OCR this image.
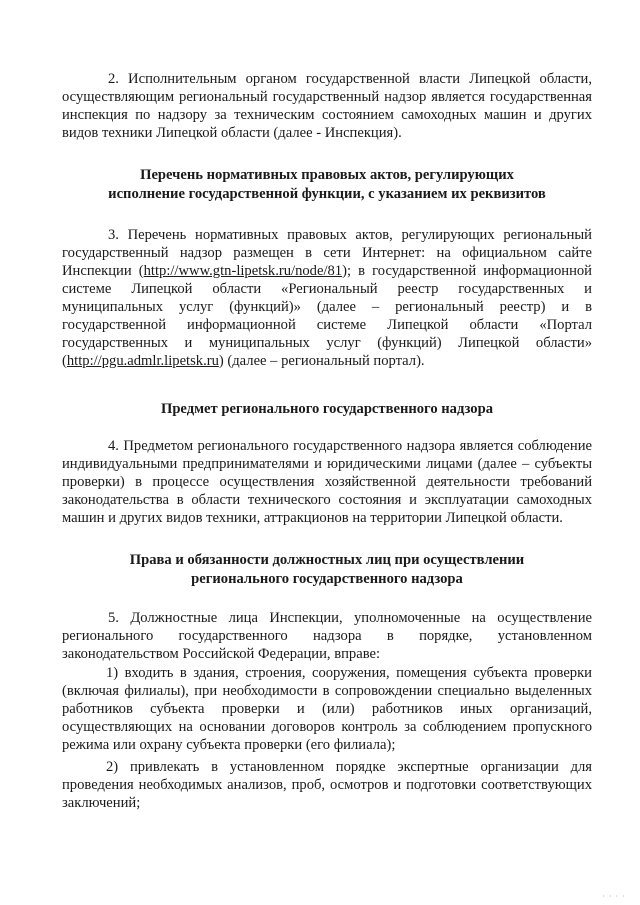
2. Исполнительным органом государственной власти Липецкой области, осуществляющим региональный государственный надзор является государственная инспекция по надзору за техническим состоянием самоходных машин и других видов техники Липецкой области (далее - Инспекция).

Перечень нормативных правовых актов, регулирующих исполнение государственной функции, с указанием их реквизитов

3. Перечень нормативных правовых актов, регулирующих региональный государственный надзор размещен в сети Интернет: на официальном сайте Инспекции (http://www.gtn-lipetsk.ru/node/81); в государственной информационной системе Липецкой области «Региональный реестр государственных и муниципальных услуг (функций)» (далее – региональный реестр) и в государственной информационной системе Липецкой области «Портал государственных и муниципальных услуг (функций) Липецкой области» (http://pgu.admlr.lipetsk.ru) (далее – региональный портал).

Предмет регионального государственного надзора

4. Предметом регионального государственного надзора является соблюдение индивидуальными предпринимателями и юридическими лицами (далее – субъекты проверки) в процессе осуществления хозяйственной деятельности требований законодательства в области технического состояния и эксплуатации самоходных машин и других видов техники, аттракционов на территории Липецкой области.

Права и обязанности должностных лиц при осуществлении регионального государственного надзора

5. Должностные лица Инспекции, уполномоченные на осуществление регионального государственного надзора в порядке, установленном законодательством Российской Федерации, вправе:

1) входить в здания, строения, сооружения, помещения субъекта проверки (включая филиалы), при необходимости в сопровождении специально выделенных работников субъекта проверки и (или) работников иных организаций, осуществляющих на основании договоров контроль за соблюдением пропускного режима или охрану субъекта проверки (его филиала);

2) привлекать в установленном порядке экспертные организации для проведения необходимых анализов, проб, осмотров и подготовки соответствующих заключений;

· · · ·
